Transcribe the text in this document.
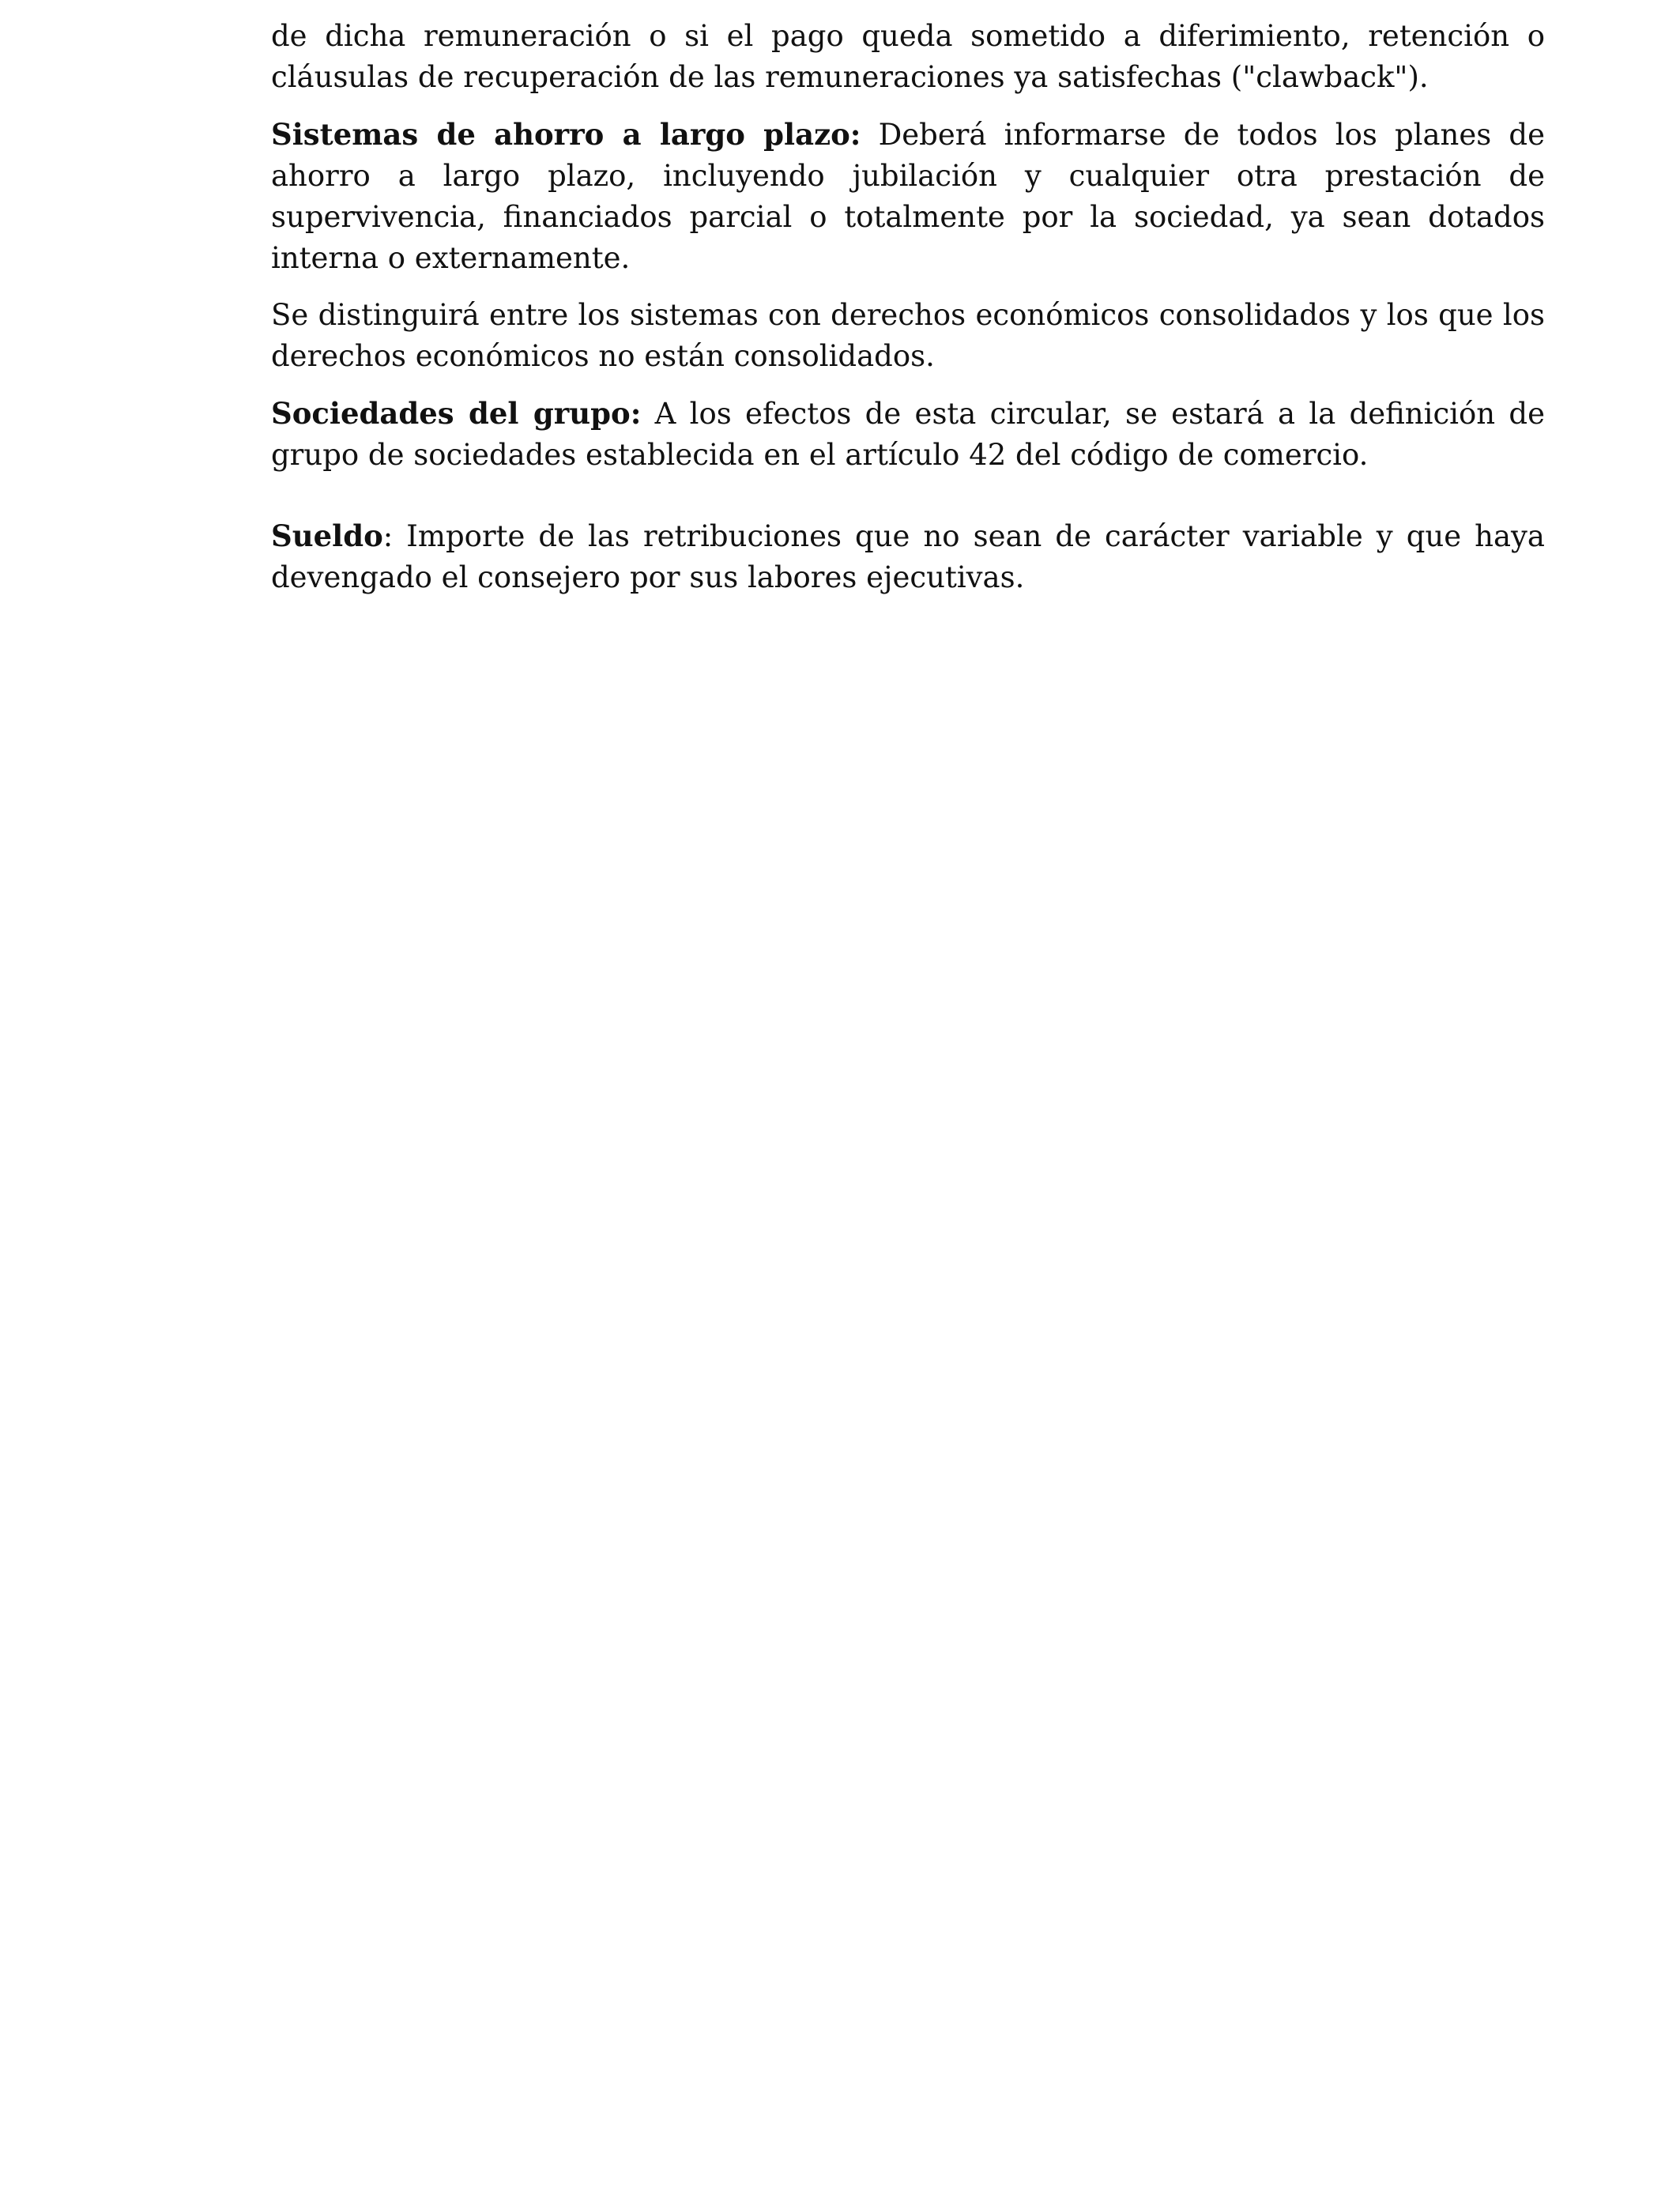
de dicha remuneración o si el pago queda sometido a diferimiento, retención o cláusulas de recuperación de las remuneraciones ya satisfechas ("clawback").

Sistemas de ahorro a largo plazo: Deberá informarse de todos los planes de ahorro a largo plazo, incluyendo jubilación y cualquier otra prestación de supervivencia, financiados parcial o totalmente por la sociedad, ya sean dotados interna o externamente.

Se distinguirá entre los sistemas con derechos económicos consolidados y los que los derechos económicos no están consolidados.

Sociedades del grupo: A los efectos de esta circular, se estará a la definición de grupo de sociedades establecida en el artículo 42 del código de comercio.

Sueldo: Importe de las retribuciones que no sean de carácter variable y que haya devengado el consejero por sus labores ejecutivas.
